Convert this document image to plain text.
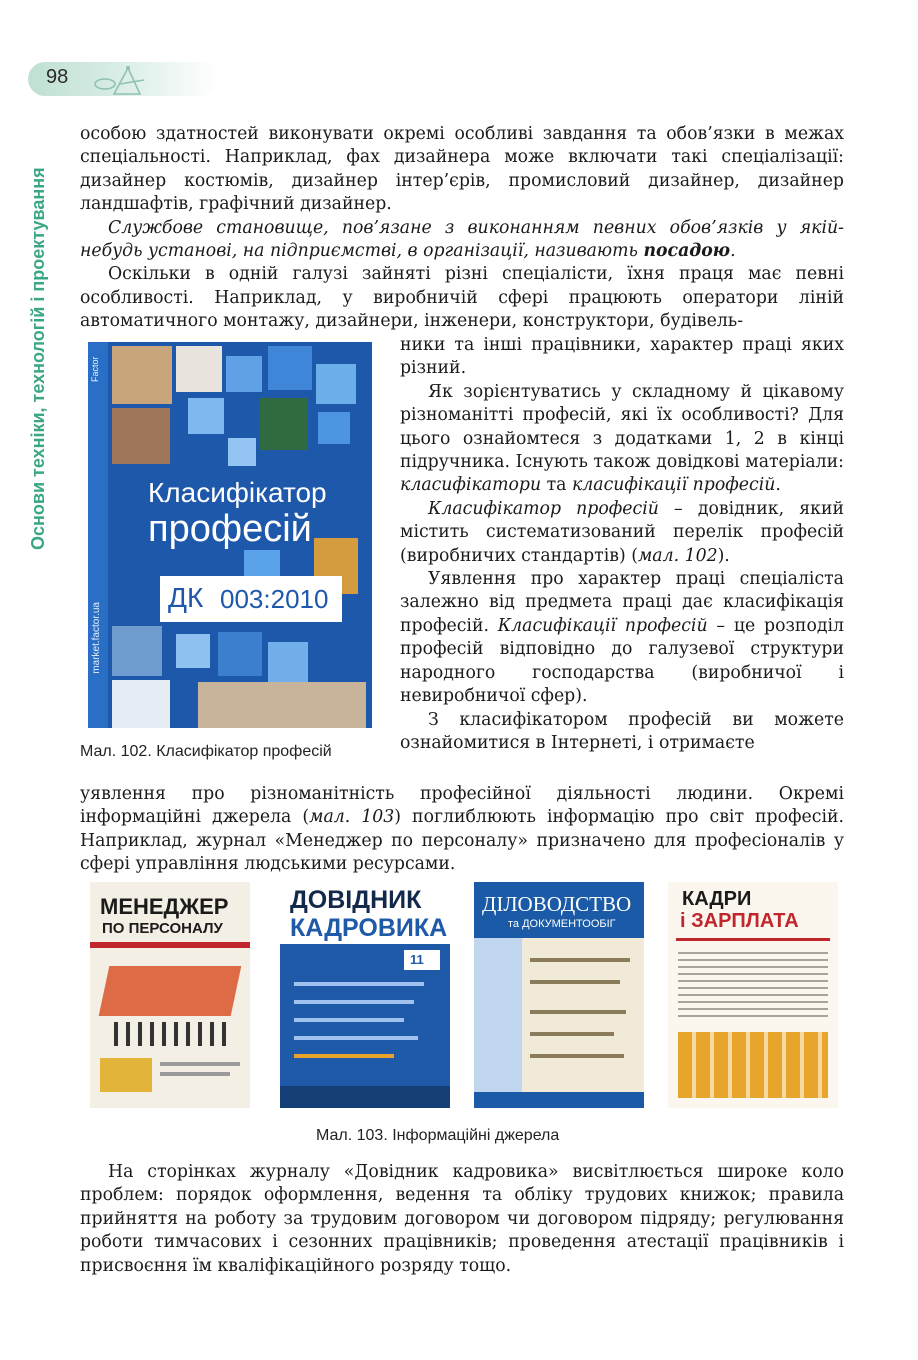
98
Основи техніки, технологій і проектування

особою здатностей виконувати окремі особливі завдання та обов’язки в межах спеціальності. Наприклад, фах дизайнера може включати такі спеціалізації: дизайнер костюмів, дизайнер інтер’єрів, промисловий дизайнер, дизайнер ландшафтів, графічний дизайнер.

Службове становище, пов’язане з виконанням певних обов’язків у якій-небудь установі, на підприємстві, в організації, називають посадою.

Оскільки в одній галузі зайняті різні спеціалісти, їхня праця має певні особливості. Наприклад, у виробничій сфері працюють оператори ліній автоматичного монтажу, дизайнери, інженери, конструктори, будівель-

ники та інші працівники, характер праці яких різний.

Як зорієнтуватись у складному й цікавому різноманітті професій, які їх особливості? Для цього ознайомтеся з додатками 1, 2 в кінці підручника. Існують також довідкові матеріали: класифікатори та класифікації професій.

Класифікатор професій – довідник, який містить систематизований перелік професій (виробничих стандартів) (мал. 102).

Уявлення про характер праці спеціаліста залежно від предмета праці дає класифікація професій. Класифікації професій – це розподіл професій відповідно до галузевої структури народного господарства (виробничої і невиробничої сфер).

З класифікатором професій ви можете ознайомитися в Інтернеті, і отримаєте

Factor
market.factor.ua
Класифікатор
професій
ДК 003:2010
Мал. 102. Класифікатор професій

уявлення про різноманітність професійної діяльності людини. Окремі інформаційні джерела (мал. 103) поглиблюють інформацію про світ професій. Наприклад, журнал «Менеджер по персоналу» призначено для професіоналів у сфері управління людськими ресурсами.

МЕНЕДЖЕР
ПО ПЕРСОНАЛУ
ДОВІДНИК
КАДРОВИКА
11
ДІЛОВОДСТВО
та ДОКУМЕНТООБІГ
КАДРИ
і ЗАРПЛАТА
Мал. 103. Інформаційні джерела

На сторінках журналу «Довідник кадровика» висвітлюється широке коло проблем: порядок оформлення, ведення та обліку трудових книжок; правила прийняття на роботу за трудовим договором чи договором підряду; регулювання роботи тимчасових і сезонних працівників; проведення атестації працівників і присвоєння їм кваліфікаційного розряду тощо.
